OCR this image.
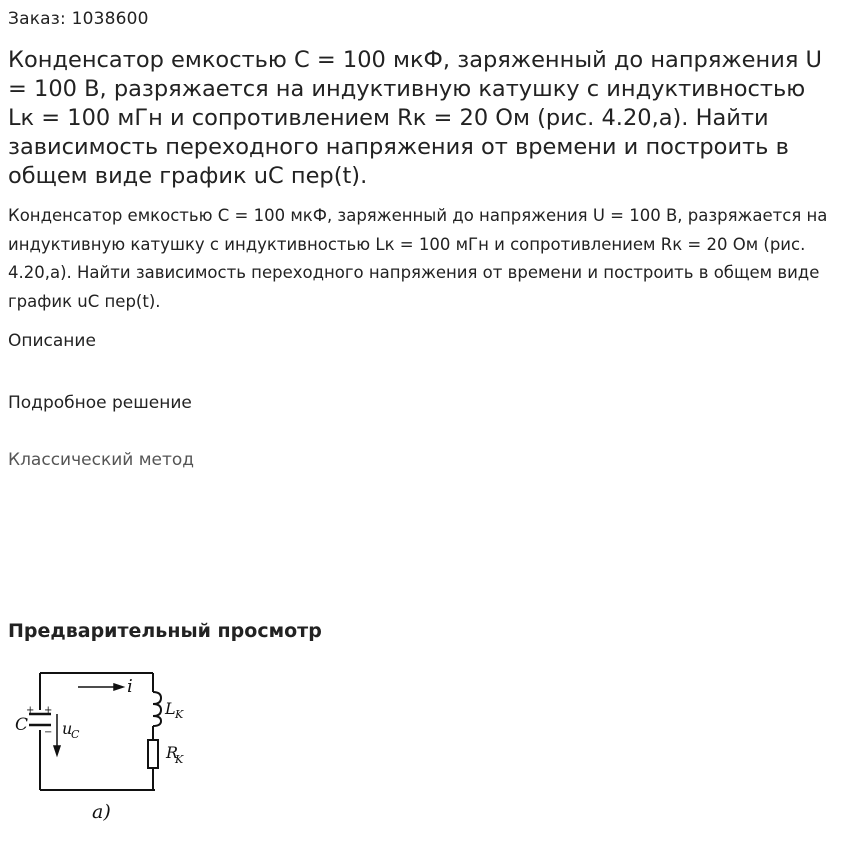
Заказ: 1038600

Конденсатор емкостью C = 100 мкФ, заряженный до напряжения U = 100 В, разряжается на индуктивную катушку с индуктивностью Lк = 100 мГн и сопротивлением Rк = 20 Ом (рис. 4.20,а). Найти зависимость переходного напряжения от времени и построить в общем виде график uC пер(t).

Конденсатор емкостью C = 100 мкФ, заряженный до напряжения U = 100 В, разряжается на индуктивную катушку с индуктивностью Lк = 100 мГн и сопротивлением Rк = 20 Ом (рис. 4.20,а). Найти зависимость переходного напряжения от времени и построить в общем виде график uC пер(t).

Описание
Подробное решение
Классический метод
Предварительный просмотр
i
L K
R
K
C u
C
+ +
−
а)
